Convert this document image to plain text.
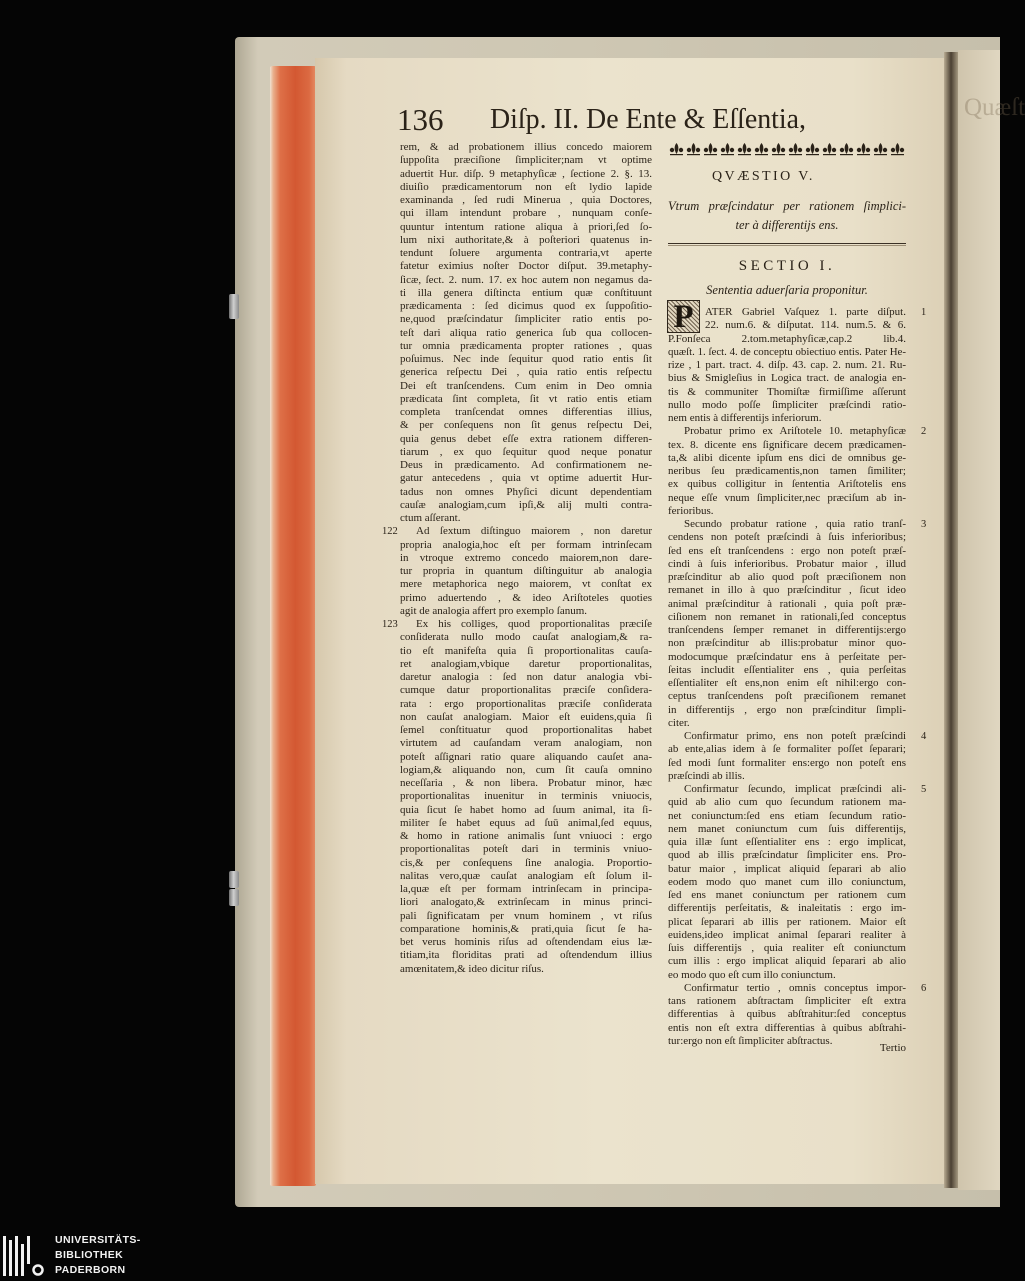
Quæſt
136 Diſp. II. De Ente & Eſſentia,
rem, & ad probationem illius concedo maiorem
ſuppoſita præciſione ſimpliciter;nam vt optime
aduertit Hur. diſp. 9 metaphyſicæ , ſectione 2. §. 13.
diuiſio prædicamentorum non eſt lydio lapide
examinanda , ſed rudi Minerua , quia Doctores,
qui illam intendunt probare , nunquam conſe-
quuntur intentum ratione aliqua à priori,ſed ſo-
lum nixi authoritate,& à poſteriori quatenus in-
tendunt ſoluere argumenta contraria,vt aperte
fatetur eximius noſter Doctor diſput. 39.metaphy-
ſicæ, ſect. 2. num. 17. ex hoc autem non negamus da-
ti illa genera diſtincta entium quæ conſtituunt
prædicamenta : ſed dicimus quod ex ſuppoſitio-
ne,quod præſcindatur ſimpliciter ratio entis po-
teſt dari aliqua ratio generica ſub qua collocen-
tur omnia prædicamenta propter rationes , quas
poſuimus. Nec inde ſequitur quod ratio entis ſit
generica reſpectu Dei , quia ratio entis reſpectu
Dei eſt tranſcendens. Cum enim in Deo omnia
prædicata ſint completa, ſit vt ratio entis etiam
completa tranſcendat omnes differentias illius,
& per conſequens non ſit genus reſpectu Dei,
quia genus debet eſſe extra rationem differen-
tiarum , ex quo ſequitur quod neque ponatur
Deus in prædicamento. Ad confirmationem ne-
gatur antecedens , quia vt optime aduertit Hur-
tadus non omnes Phyſici dicunt dependentiam
cauſæ analogiam,cum ipſi,& alij multi contra-
ctum aſſerant.
122 Ad ſextum diſtinguo maiorem , non daretur
propria analogia,hoc eſt per formam intrinſecam
in vtroque extremo concedo maiorem,non dare-
tur propria in quantum diſtinguitur ab analogia
mere metaphorica nego maiorem, vt conſtat ex
primo aduertendo , & ideo Ariſtoteles quoties
agit de analogia affert pro exemplo ſanum.
123 Ex his colliges, quod proportionalitas præciſe
conſiderata nullo modo cauſat analogiam,& ra-
tio eſt manifeſta quia ſi proportionalitas cauſa-
ret analogiam,vbique daretur proportionalitas,
daretur analogia : ſed non datur analogia vbi-
cumque datur proportionalitas præciſe conſidera-
rata : ergo proportionalitas præciſe conſiderata
non cauſat analogiam. Maior eſt euidens,quia ſi
ſemel conſtituatur quod proportionalitas habet
virtutem ad cauſandam veram analogiam, non
poteſt aſſignari ratio quare aliquando cauſet ana-
logiam,& aliquando non, cum ſit cauſa omnino
neceſſaria , & non libera. Probatur minor, hæc
proportionalitas inuenitur in terminis vniuocis,
quia ſicut ſe habet homo ad ſuum animal, ita ſi-
militer ſe habet equus ad ſuū animal,ſed equus,
& homo in ratione animalis ſunt vniuoci : ergo
proportionalitas poteſt dari in terminis vniuo-
cis,& per conſequens ſine analogia. Proportio-
nalitas vero,quæ cauſat analogiam eſt ſolum il-
la,quæ eſt per formam intrinſecam in principa-
liori analogato,& extrinſecam in minus princi-
pali ſignificatam per vnum hominem , vt riſus
comparatione hominis,& prati,quia ſicut ſe ha-
bet verus hominis riſus ad oſtendendam eius læ-
titiam,ita floriditas prati ad oſtendendum illius
amœnitatem,& ideo dicitur riſus.
QVÆSTIO V.
Vtrum præſcindatur per rationem ſimplici-
ter à differentijs ens.
SECTIO I.
Sententia aduerſaria proponitur.
1
P	ATER Gabriel Vaſquez 1. parte diſput.
22. num.6. & diſputat. 114. num.5. & 6.
P.Fonſeca 2.tom.metaphyſicæ,cap.2 lib.4.
quæſt. 1. ſect. 4. de conceptu obiectiuo entis. Pater He-
rize , 1 part. tract. 4. diſp. 43. cap. 2. num. 21. Ru-
bius & Smigleſius in Logica tract. de analogia en-
tis & communiter Thomiſtæ firmiſſime aſſerunt
nullo modo poſſe ſimpliciter præſcindi ratio-
nem entis à differentijs inferiorum.
2
Probatur primo ex Ariſtotele 10. metaphyſicæ
tex. 8. dicente ens ſignificare decem prædicamen-
ta,& alibi dicente ipſum ens dici de omnibus ge-
neribus ſeu prædicamentis,non tamen ſimiliter;
ex quibus colligitur in ſententia Ariſtotelis ens
neque eſſe vnum ſimpliciter,nec præciſum ab in-
ferioribus.
3
Secundo probatur ratione , quia ratio tranſ-
cendens non poteſt præſcindi à ſuis inferioribus;
ſed ens eſt tranſcendens : ergo non poteſt præſ-
cindi à ſuis inferioribus. Probatur maior , illud
præſcinditur ab alio quod poſt præciſionem non
remanet in illo à quo præſcinditur , ſicut ideo
animal præſcinditur à rationali , quia poſt præ-
ciſionem non remanet in rationali,ſed conceptus
tranſcendens ſemper remanet in differentijs:ergo
non præſcinditur ab illis:probatur minor quo-
modocumque præſcindatur ens à perſeitate per-
ſeitas includit eſſentialiter ens , quia perſeitas
eſſentialiter eſt ens,non enim eſt nihil:ergo con-
ceptus tranſcendens poſt præciſionem remanet
in differentijs , ergo non præſcinditur ſimpli-
citer.
4
Confirmatur primo, ens non poteſt præſcindi
ab ente,alias idem à ſe formaliter poſſet ſeparari;
ſed modi ſunt formaliter ens:ergo non poteſt ens
præſcindi ab illis.
5
Confirmatur ſecundo, implicat præſcindi ali-
quid ab alio cum quo ſecundum rationem ma-
net coniunctum:ſed ens etiam ſecundum ratio-
nem manet coniunctum cum ſuis differentijs,
quia illæ ſunt eſſentialiter ens : ergo implicat,
quod ab illis præſcindatur ſimpliciter ens. Pro-
batur maior , implicat aliquid ſeparari ab alio
eodem modo quo manet cum illo coniunctum,
ſed ens manet coniunctum per rationem cum
differentijs perſeitatis, & inaleitatis : ergo im-
plicat ſeparari ab illis per rationem. Maior eſt
euidens,ideo implicat animal ſeparari realiter à
ſuis differentijs , quia realiter eſt coniunctum
cum illis : ergo implicat aliquid ſeparari ab alio
eo modo quo eſt cum illo coniunctum.
6
Confirmatur tertio , omnis conceptus impor-
tans rationem abſtractam ſimpliciter eſt extra
differentias à quibus abſtrahitur:ſed conceptus
entis non eſt extra differentias à quibus abſtrahi-
tur:ergo non eſt ſimpliciter abſtractus.
Tertio
UNIVERSITÄTS-
BIBLIOTHEK
PADERBORN
